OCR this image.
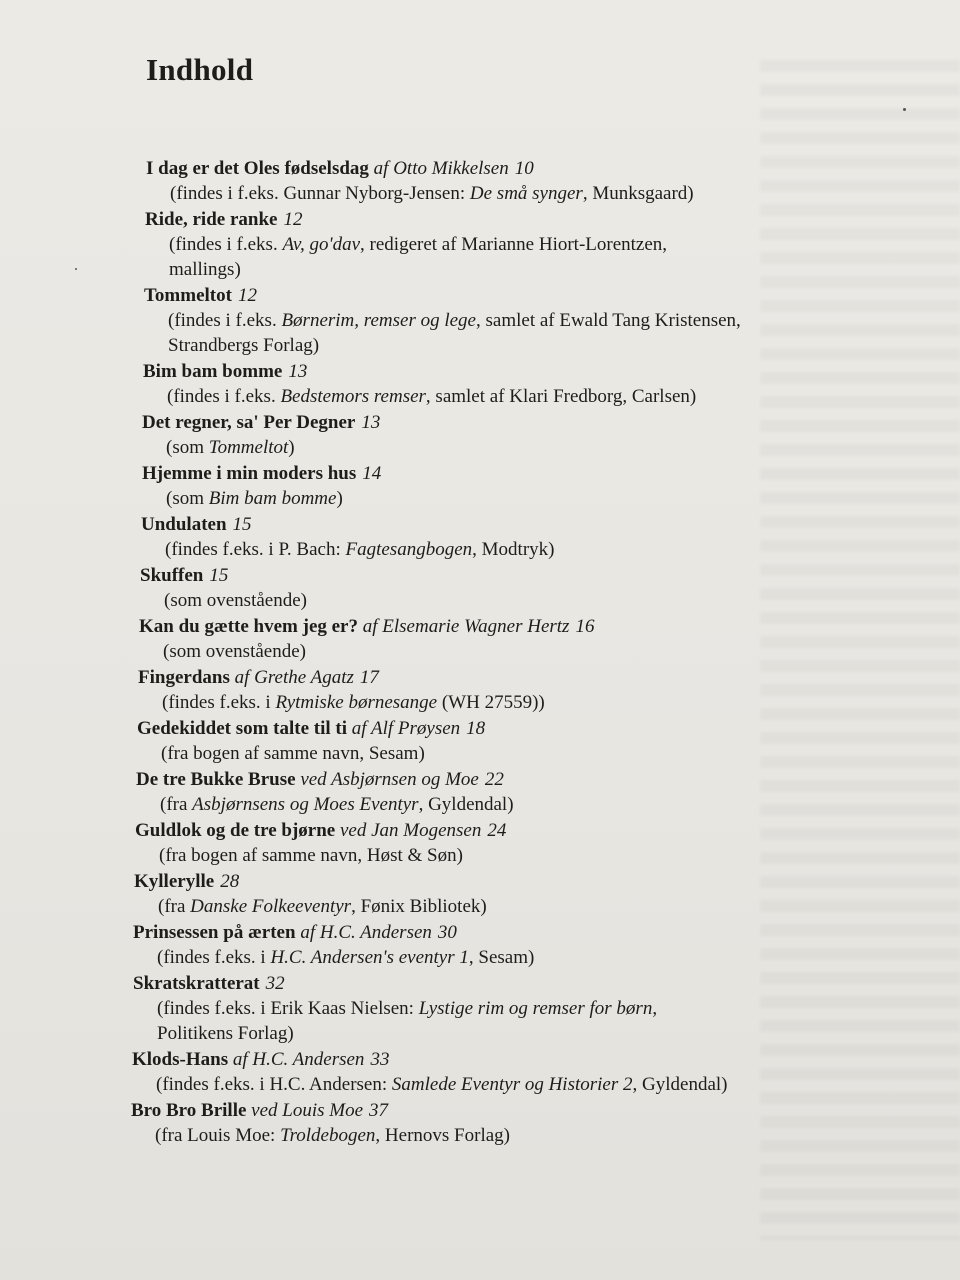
Indhold
I dag er det Oles fødselsdag af Otto Mikkelsen 10
(findes i f.eks. Gunnar Nyborg-Jensen: De små synger, Munksgaard)
Ride, ride ranke 12
(findes i f.eks. Av, go'dav, redigeret af Marianne Hiort-Lorentzen,
mallings)
Tommeltot 12
(findes i f.eks. Børnerim, remser og lege, samlet af Ewald Tang Kristensen,
Strandbergs Forlag)
Bim bam bomme 13
(findes i f.eks. Bedstemors remser, samlet af Klari Fredborg, Carlsen)
Det regner, sa' Per Degner 13
(som Tommeltot)
Hjemme i min moders hus 14
(som Bim bam bomme)
Undulaten 15
(findes f.eks. i P. Bach: Fagtesangbogen, Modtryk)
Skuffen 15
(som ovenstående)
Kan du gætte hvem jeg er? af Elsemarie Wagner Hertz 16
(som ovenstående)
Fingerdans af Grethe Agatz 17
(findes f.eks. i Rytmiske børnesange (WH 27559))
Gedekiddet som talte til ti af Alf Prøysen 18
(fra bogen af samme navn, Sesam)
De tre Bukke Bruse ved Asbjørnsen og Moe 22
(fra Asbjørnsens og Moes Eventyr, Gyldendal)
Guldlok og de tre bjørne ved Jan Mogensen 24
(fra bogen af samme navn, Høst & Søn)
Kyllerylle 28
(fra Danske Folkeeventyr, Fønix Bibliotek)
Prinsessen på ærten af H.C. Andersen 30
(findes f.eks. i H.C. Andersen's eventyr 1, Sesam)
Skratskratterat 32
(findes f.eks. i Erik Kaas Nielsen: Lystige rim og remser for børn,
Politikens Forlag)
Klods-Hans af H.C. Andersen 33
(findes f.eks. i H.C. Andersen: Samlede Eventyr og Historier 2, Gyldendal)
Bro Bro Brille ved Louis Moe 37
(fra Louis Moe: Troldebogen, Hernovs Forlag)
